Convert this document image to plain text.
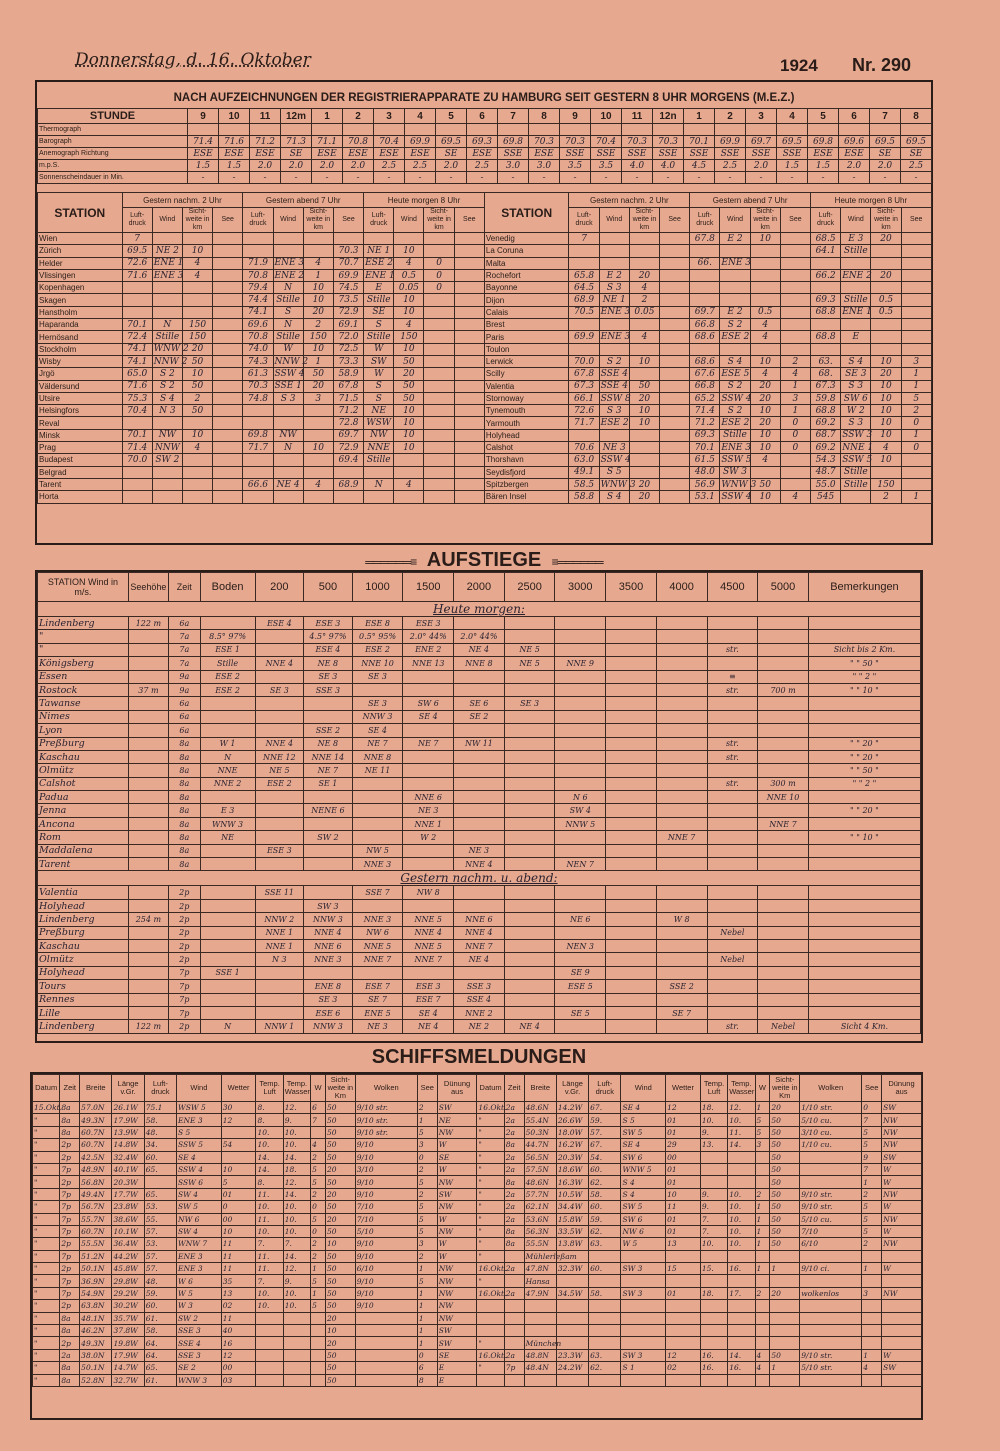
Donnerstag, d. 16. Oktober	1924 Nr. 290
NACH AUFZEICHNUNGEN DER REGISTRIERAPPARATE ZU HAMBURG SEIT GESTERN 8 UHR MORGENS (M.E.Z.)
STUNDE	9	10	11	12m	1	2	3	4	5	6	7	8	9	10	11	12n	1	2	3	4	5	6	7	8
Thermograph																								
Barograph	71.4	71.6	71.2	71.3	71.1	70.8	70.4	69.9	69.5	69.3	69.8	70.3	70.3	70.4	70.3	70.3	70.1	69.9	69.7	69.5	69.8	69.6	69.5	69.5
Anemograph Richtung	ESE	ESE	ESE	SE	ESE	ESE	ESE	ESE	SE	ESE	SSE	ESE	SSE	SSE	SSE	SSE	SSE	SSE	SSE	SSE	ESE	ESE	SE	SE
m.p.S.	1.5	1.5	2.0	2.0	2.0	2.0	2.5	2.5	2.0	2.5	3.0	3.0	3.5	3.5	4.0	4.0	4.5	2.5	2.0	1.5	1.5	2.0	2.0	2.5
Sonnenscheindauer in Min.	-	-	-	-	-	-	-	-	-	-	-	-	-	-	-	-	-	-	-	-	-	-	-	-
STATION	Gestern nachm. 2 Uhr				Gestern abend 7 Uhr				Heute morgen 8 Uhr				STATION	Gestern nachm. 2 Uhr				Gestern abend 7 Uhr				Heute morgen 8 Uhr			
	Luft-druck	Wind	Sicht-weite in km	See	Luft-druck	Wind	Sicht-weite in km	See	Luft-druck	Wind	Sicht-weite in km	See		Luft-druck	Wind	Sicht-weite in km	See	Luft-druck	Wind	Sicht-weite in km	See	Luft-druck	Wind	Sicht-weite in km	See
Wien	7												Venedig	7				67.8	E 2	10		68.5	E 3	20	
Zürich	69.5	NE 2	10					70.3	NE 1	10			La Coruna									64.1	Stille		
Helder	72.6	ENE 1	4		71.9	ENE 3	4	70.7	ESE 2	4	0		Malta					66.	ENE 3						
Vlissingen	71.6	ENE 3	4		70.8	ENE 2	1	69.9	ENE 1	0.5	0		Rochefort	65.8	E 2	20						66.2	ENE 2	20	
Kopenhagen					79.4	N	10	74.5	E	0.05	0		Bayonne	64.5	S 3	4									
Skagen					74.4	Stille	10	73.5	Stille	10			Dijon	68.9	NE 1	2						69.3	Stille	0.5	
Hanstholm					74.1	S	20	72.9	SE	10			Calais	70.5	ENE 3	0.05		69.7	E 2	0.5		68.8	ENE 1	0.5	
Haparanda	70.1	N	150		69.6	N	2	69.1	S	4			Brest					66.8	S 2	4					
Hernösand	72.4	Stille	150		70.8	Stille	150	72.0	Stille	150			Paris	69.9	ENE 3	4		68.6	ESE 2	4		68.8	E		
Stockholm	74.1	WNW 2	20		74.0	W	10	72.5	W	10			Toulon												
Wisby	74.1	NNW 2	50		74.3	NNW 2	1	73.3	SW	50			Lerwick	70.0	S 2	10		68.6	S 4	10	2	63.	S 4	10	3
Jrgö	65.0	S 2	10		61.3	SSW 4	50	58.9	W	20			Scilly	67.8	SSE 4			67.6	ESE 5	4	4	68.	SE 3	20	1
Väldersund	71.6	S 2	50		70.3	SSE 1	20	67.8	S	50			Valentia	67.3	SSE 4	50		66.8	S 2	20	1	67.3	S 3	10	1
Utsire	75.3	S 4	2		74.8	S 3	3	71.5	S	50			Stornoway	66.1	SSW 8	20		65.2	SSW 4	20	3	59.8	SW 6	10	5
Helsingfors	70.4	N 3	50					71.2	NE	10			Tynemouth	72.6	S 3	10		71.4	S 2	10	1	68.8	W 2	10	2
Reval								72.8	WSW	10			Yarmouth	71.7	ESE 2	10		71.2	ESE 2	20	0	69.2	S 3	10	0
Minsk	70.1	NW	10		69.8	NW		69.7	NW	10			Holyhead					69.3	Stille	10	0	68.7	SSW 3	10	1
Prag	71.4	NNW	4		71.7	N	10	72.9	NNE	10			Calshot	70.6	NE 3			70.1	ENE 3	10	0	69.2	NNE 1	4	0
Budapest	70.0	SW 2						69.4	Stille				Thorshavn	63.0	SSW 4			61.5	SSW 5	4		54.3	SSW 5	10	
Belgrad													Seydisfjord	49.1	S 5			48.0	SW 3			48.7	Stille		
Tarent					66.6	NE 4	4	68.9	N	4			Spitzbergen	58.5	WNW 3	20		56.9	WNW 3	50		55.0	Stille	150	
Horta													Bären Insel	58.8	S 4	20		53.1	SSW 4	10	4	545		2	1
══════≡ AUFSTIEGE ≡══════
STATION Wind in m/s.	Seehöhe	Zeit	Boden	200	500	1000	1500	2000	2500	3000	3500	4000	4500	5000	Bemerkungen
Heute morgen:															
Lindenberg	122 m	6a		ESE 4	ESE 3	ESE 8	ESE 3								
"		7a	8.5° 97%		4.5° 97%	0.5° 95%	2.0° 44%	2.0° 44%							
"		7a	ESE 1		ESE 4	ESE 2	ENE 2	NE 4	NE 5				str.		Sicht bis 2 Km.
Königsberg		7a	Stille	NNE 4	NE 8	NNE 10	NNE 13	NNE 8	NE 5	NNE 9					" " 50 "
Essen		9a	ESE 2		SE 3	SE 3							≡		" " 2 "
Rostock	37 m	9a	ESE 2	SE 3	SSE 3								str.	700 m	" " 10 "
Tawanse		6a				SE 3	SW 6	SE 6	SE 3						
Nimes		6a				NNW 3	SE 4	SE 2							
Lyon		6a			SSE 2	SE 4									
Preßburg		8a	W 1	NNE 4	NE 8	NE 7	NE 7	NW 11					str.		" " 20 "
Kaschau		8a	N	NNE 12	NNE 14	NNE 8							str.		" " 20 "
Olmütz		8a	NNE	NE 5	NE 7	NE 11									" " 50 "
Calshot		8a	NNE 2	ESE 2	SE 1								str.	300 m	" " 2 "
Padua		8a					NNE 6			N 6				NNE 10	
Jenna		8a	E 3		NENE 6		NE 3			SW 4					" " 20 "
Ancona		8a	WNW 3				NNE 1			NNW 5				NNE 7	
Rom		8a	NE		SW 2		W 2					NNE 7			" " 10 "
Maddalena		8a		ESE 3		NW 5		NE 3							
Tarent		8a				NNE 3		NNE 4		NEN 7					
Gestern nachm. u. abend:															
Valentia		2p		SSE 11		SSE 7	NW 8								
Holyhead		2p			SW 3										
Lindenberg	254 m	2p		NNW 2	NNW 3	NNE 3	NNE 5	NNE 6		NE 6		W 8			
Preßburg		2p		NNE 1	NNE 4	NW 6	NNE 4	NNE 4					Nebel		
Kaschau		2p		NNE 1	NNE 6	NNE 5	NNE 5	NNE 7		NEN 3					
Olmütz		2p		N 3	NNE 3	NNE 7	NNE 7	NE 4					Nebel		
Holyhead		7p	SSE 1							SE 9					
Tours		7p			ENE 8	ESE 7	ESE 3	SSE 3		ESE 5		SSE 2			
Rennes		7p			SE 3	SE 7	ESE 7	SSE 4							
Lille		7p			ESE 6	ENE 5	SE 4	NNE 2		SE 5		SE 7			
Lindenberg	122 m	2p	N	NNW 1	NNW 3	NE 3	NE 4	NE 2	NE 4				str.	Nebel	Sicht 4 Km.
SCHIFFSMELDUNGEN
Datum	Zeit	Breite	Länge v.Gr.	Luft-druck	Wind	Wetter	Temp. Luft	Temp. Wasser	W	Sicht-weite in Km	Wolken	See	Dünung aus	Datum	Zeit	Breite	Länge v.Gr.	Luft-druck	Wind	Wetter	Temp. Luft	Temp. Wasser	W	Sicht-weite in Km	Wolken	See	Dünung aus
15.Okt.	8a	57.0N	26.1W	75.1	WSW 5	30	8.	12.	6	50	9/10 str.	2	SW	16.Okt.	2a	48.6N	14.2W	67.	SE 4	12	18.	12.	1	20	1/10 str.	0	SW
"	8a	49.3N	17.9W	58.	ENE 3	12	8.	9.	7	50	9/10 str.	1	NE	"	2a	55.4N	26.6W	59.	S 5	01	10.	10.	5	50	5/10 cu.	7	NW
"	8a	60.7N	13.9W	48.	S 5		10.	10.		50	9/10 str.	5	NW	"	2a	50.3N	18.0W	57.	SW 5	01	9.	11.	5	50	3/10 cu.	5	NW
"	2p	60.7N	14.8W	34.	SSW 5	54	10.	10.	4	50	9/10	3	W	"	8a	44.7N	16.2W	67.	SE 4	29	13.	14.	3	50	1/10 cu.	5	NW
"	2p	42.5N	32.4W	60.	SE 4		14.	14.	2	50	9/10	0	SE	"	2a	56.5N	20.3W	54.	SW 6	00				50		9	SW
"	7p	48.9N	40.1W	65.	SSW 4	10	14.	18.	5	20	3/10	2	W	"	2a	57.5N	18.6W	60.	WNW 5	01				50		7	W
"	2p	56.8N	20.3W		SSW 6	5	8.	12.	5	50	9/10	5	NW	"	8a	48.6N	16.3W	62.	S 4	01				50		1	W
"	7p	49.4N	17.7W	65.	SW 4	01	11.	14.	2	20	9/10	2	SW	"	2a	57.7N	10.5W	58.	S 4	10	9.	10.	2	50	9/10 str.	2	NW
"	7p	56.7N	23.8W	53.	SW 5	0	10.	10.	0	50	7/10	5	NW	"	2a	62.1N	34.4W	60.	SW 5	11	9.	10.	1	50	9/10 str.	5	W
"	7p	55.7N	38.6W	55.	NW 6	00	11.	10.	5	20	7/10	5	W	"	2a	53.6N	15.8W	59.	SW 6	01	7.	10.	1	50	5/10 cu.	5	NW
"	7p	60.7N	10.1W	57.	SW 4	10	10.	10.	0	50	5/10	5	NW	"	8a	56.3N	33.5W	62.	NW 6	01	7.	10.	1	50	7/10	5	W
"	2p	55.5N	36.4W	53.	WNW 7	11	7.	7.	2	10	9/10	3	W	"	8a	55.5N	13.8W	63.	W 5	13	10.	10.	1	50	6/10	2	NW
"	7p	51.2N	44.2W	57.	ENE 3	11	11.	14.	2	50	9/10	2	W	"		Mühlerleßam											
"	2p	50.1N	45.8W	57.	ENE 3	11	11.	12.	1	50	6/10	1	NW	16.Okt.	2a	47.8N	32.3W	60.	SW 3	15	15.	16.	1	1	9/10 ci.	1	W
"	7p	36.9N	29.8W	48.	W 6	35	7.	9.	5	50	9/10	5	NW	"		Hansa											
"	7p	54.9N	29.2W	59.	W 5	13	10.	10.	1	50	9/10	1	NW	16.Okt.	2a	47.9N	34.5W	58.	SW 3	01	18.	17.	2	20	wolkenlos	3	NW
"	2p	63.8N	30.2W	60.	W 3	02	10.	10.	5	50	9/10	1	NW														
"	8a	48.1N	35.7W	61.	SW 2	11				20		1	NW														
"	8a	46.2N	37.8W	58.	SSE 3	40				10		1	SW														
"	2p	49.3N	19.8W	64.	SSE 4	16				20		1	SW	"		München											
"	2a	38.0N	17.9W	64.	SSE 3	12				50		0	SE	16.Okt.	2a	48.8N	23.3W	63.	SW 3	12	16.	14.	4	50	9/10 str.	1	W
"	8a	50.1N	14.7W	65.	SE 2	00				50		6	E	"	7p	48.4N	24.2W	62.	S 1	02	16.	16.	4	1	5/10 str.	4	SW
"	8a	52.8N	32.7W	61.	WNW 3	03				50		8	E														
